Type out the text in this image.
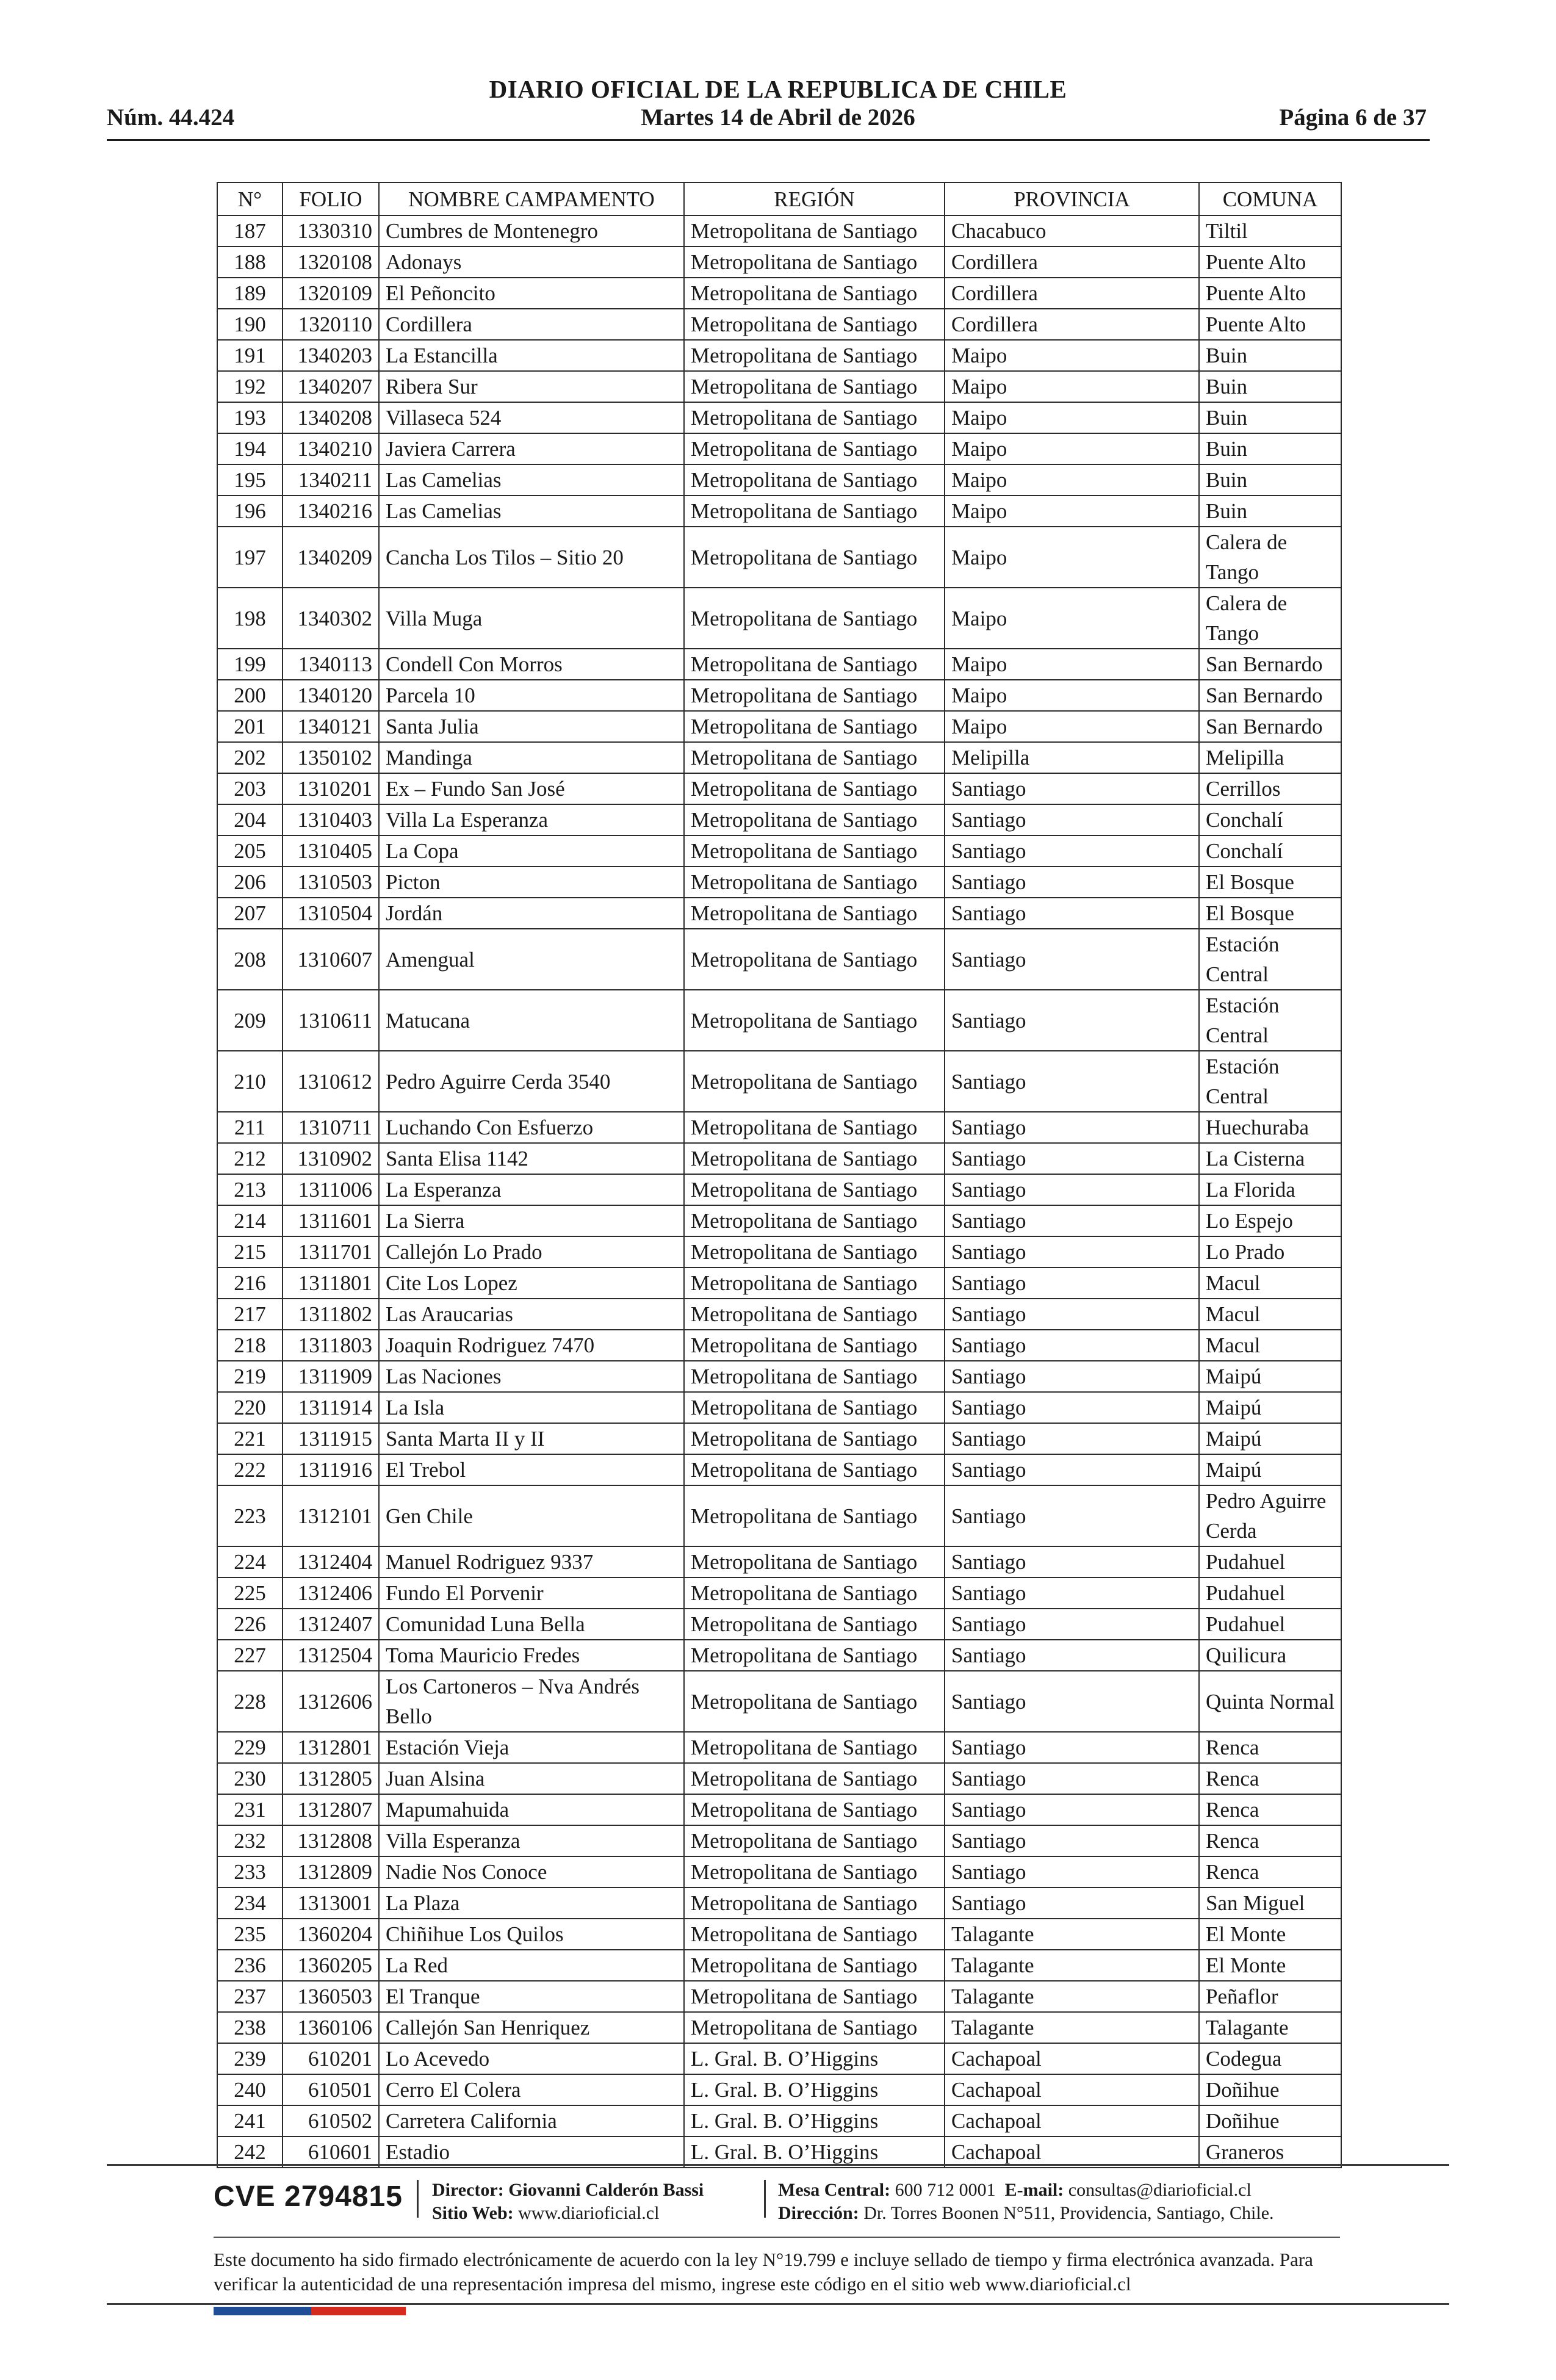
DIARIO OFICIAL DE LA REPUBLICA DE CHILE
Núm. 44.424	Martes 14 de Abril de 2026	Página 6 de 37
N°	FOLIO	NOMBRE CAMPAMENTO	REGIÓN	PROVINCIA	COMUNA
187	1330310	Cumbres de Montenegro	Metropolitana de Santiago	Chacabuco	Tiltil
188	1320108	Adonays	Metropolitana de Santiago	Cordillera	Puente Alto
189	1320109	El Peñoncito	Metropolitana de Santiago	Cordillera	Puente Alto
190	1320110	Cordillera	Metropolitana de Santiago	Cordillera	Puente Alto
191	1340203	La Estancilla	Metropolitana de Santiago	Maipo	Buin
192	1340207	Ribera Sur	Metropolitana de Santiago	Maipo	Buin
193	1340208	Villaseca 524	Metropolitana de Santiago	Maipo	Buin
194	1340210	Javiera Carrera	Metropolitana de Santiago	Maipo	Buin
195	1340211	Las Camelias	Metropolitana de Santiago	Maipo	Buin
196	1340216	Las Camelias	Metropolitana de Santiago	Maipo	Buin
197	1340209	Cancha Los Tilos – Sitio 20	Metropolitana de Santiago	Maipo	Calera de Tango
198	1340302	Villa Muga	Metropolitana de Santiago	Maipo	Calera de Tango
199	1340113	Condell Con Morros	Metropolitana de Santiago	Maipo	San Bernardo
200	1340120	Parcela 10	Metropolitana de Santiago	Maipo	San Bernardo
201	1340121	Santa Julia	Metropolitana de Santiago	Maipo	San Bernardo
202	1350102	Mandinga	Metropolitana de Santiago	Melipilla	Melipilla
203	1310201	Ex – Fundo San José	Metropolitana de Santiago	Santiago	Cerrillos
204	1310403	Villa La Esperanza	Metropolitana de Santiago	Santiago	Conchalí
205	1310405	La Copa	Metropolitana de Santiago	Santiago	Conchalí
206	1310503	Picton	Metropolitana de Santiago	Santiago	El Bosque
207	1310504	Jordán	Metropolitana de Santiago	Santiago	El Bosque
208	1310607	Amengual	Metropolitana de Santiago	Santiago	Estación Central
209	1310611	Matucana	Metropolitana de Santiago	Santiago	Estación Central
210	1310612	Pedro Aguirre Cerda 3540	Metropolitana de Santiago	Santiago	Estación Central
211	1310711	Luchando Con Esfuerzo	Metropolitana de Santiago	Santiago	Huechuraba
212	1310902	Santa Elisa 1142	Metropolitana de Santiago	Santiago	La Cisterna
213	1311006	La Esperanza	Metropolitana de Santiago	Santiago	La Florida
214	1311601	La Sierra	Metropolitana de Santiago	Santiago	Lo Espejo
215	1311701	Callejón Lo Prado	Metropolitana de Santiago	Santiago	Lo Prado
216	1311801	Cite Los Lopez	Metropolitana de Santiago	Santiago	Macul
217	1311802	Las Araucarias	Metropolitana de Santiago	Santiago	Macul
218	1311803	Joaquin Rodriguez 7470	Metropolitana de Santiago	Santiago	Macul
219	1311909	Las Naciones	Metropolitana de Santiago	Santiago	Maipú
220	1311914	La Isla	Metropolitana de Santiago	Santiago	Maipú
221	1311915	Santa Marta II y II	Metropolitana de Santiago	Santiago	Maipú
222	1311916	El Trebol	Metropolitana de Santiago	Santiago	Maipú
223	1312101	Gen Chile	Metropolitana de Santiago	Santiago	Pedro Aguirre Cerda
224	1312404	Manuel Rodriguez 9337	Metropolitana de Santiago	Santiago	Pudahuel
225	1312406	Fundo El Porvenir	Metropolitana de Santiago	Santiago	Pudahuel
226	1312407	Comunidad Luna Bella	Metropolitana de Santiago	Santiago	Pudahuel
227	1312504	Toma Mauricio Fredes	Metropolitana de Santiago	Santiago	Quilicura
228	1312606	Los Cartoneros – Nva Andrés Bello	Metropolitana de Santiago	Santiago	Quinta Normal
229	1312801	Estación Vieja	Metropolitana de Santiago	Santiago	Renca
230	1312805	Juan Alsina	Metropolitana de Santiago	Santiago	Renca
231	1312807	Mapumahuida	Metropolitana de Santiago	Santiago	Renca
232	1312808	Villa Esperanza	Metropolitana de Santiago	Santiago	Renca
233	1312809	Nadie Nos Conoce	Metropolitana de Santiago	Santiago	Renca
234	1313001	La Plaza	Metropolitana de Santiago	Santiago	San Miguel
235	1360204	Chiñihue Los Quilos	Metropolitana de Santiago	Talagante	El Monte
236	1360205	La Red	Metropolitana de Santiago	Talagante	El Monte
237	1360503	El Tranque	Metropolitana de Santiago	Talagante	Peñaflor
238	1360106	Callejón San Henriquez	Metropolitana de Santiago	Talagante	Talagante
239	610201	Lo Acevedo	L. Gral. B. O’Higgins	Cachapoal	Codegua
240	610501	Cerro El Colera	L. Gral. B. O’Higgins	Cachapoal	Doñihue
241	610502	Carretera California	L. Gral. B. O’Higgins	Cachapoal	Doñihue
242	610601	Estadio	L. Gral. B. O’Higgins	Cachapoal	Graneros
CVE 2794815 Director: Giovanni Calderón Bassi
Sitio Web: www.diarioficial.cl
Mesa Central: 600 712 0001 E-mail: consultas@diarioficial.cl
Dirección: Dr. Torres Boonen N°511, Providencia, Santiago, Chile.
Este documento ha sido firmado electrónicamente de acuerdo con la ley N°19.799 e incluye sellado de tiempo y firma electrónica avanzada. Para verificar la autenticidad de una representación impresa del mismo, ingrese este código en el sitio web www.diarioficial.cl
